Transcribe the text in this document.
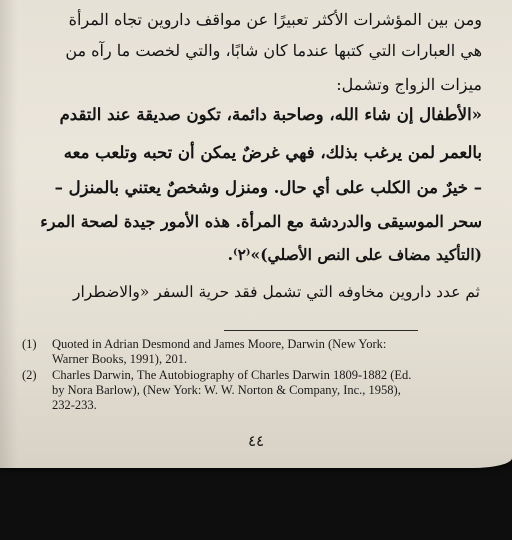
ومن بين المؤشرات الأكثر تعبيرًا عن مواقف داروين تجاه المرأة
هي العبارات التي كتبها عندما كان شابًا، والتي لخصت ما رآه من
ميزات الزواج وتشمل:
«الأطفال إن شاء الله، وصاحبة دائمة، تكون صديقة عند التقدم
بالعمر لمن يرغب بذلك، فهي غرضٌ يمكن أن تحبه وتلعب معه
– خيرٌ من الكلب على أي حال. ومنزل وشخصٌ يعتني بالمنزل –
سحر الموسيقى والدردشة مع المرأة. هذه الأمور جيدة لصحة المرء
(التأكيد مضاف على النص الأصلي)»⁽٢⁾.
ثم عدد داروين مخاوفه التي تشمل فقد حرية السفر «والاضطرار
(1) Quoted in Adrian Desmond and James Moore, Darwin (New York: Warner Books, 1991), 201.
(2) Charles Darwin, The Autobiography of Charles Darwin 1809-1882 (Ed. by Nora Barlow), (New York: W. W. Norton & Company, Inc., 1958), 232-233.
٤٤
